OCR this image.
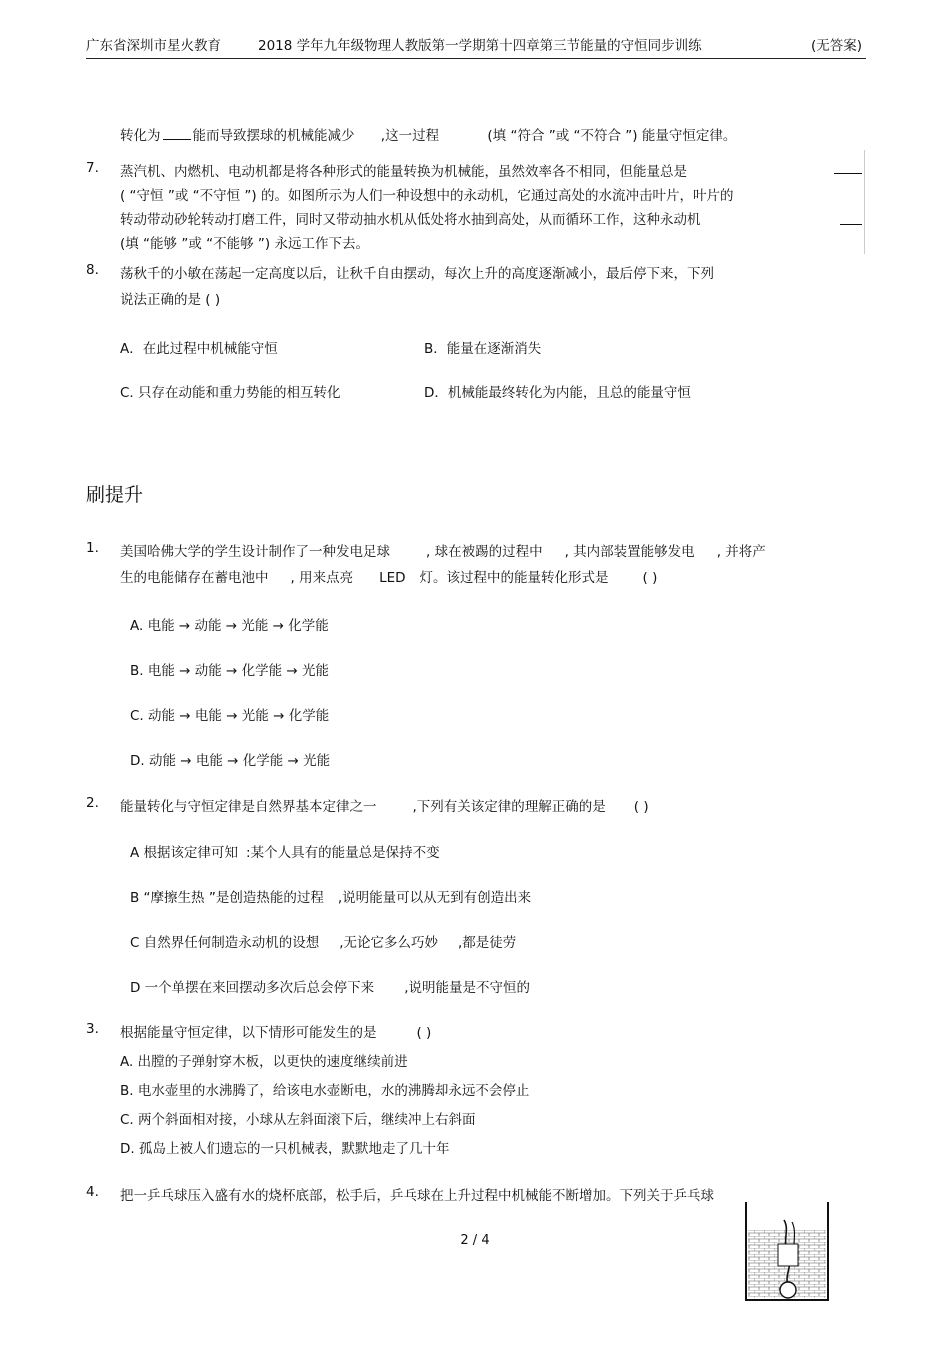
广东省深圳市星火教育	2018 学年九年级物理人教版第一学期第十四章第三节能量的守恒同步训练	(无答案)
转化为 能而导致摆球的机械能减少 ,这一过程	(填 “符合 ”或 “不符合 ”) 能量守恒定律。
7. 蒸汽机、内燃机、电动机都是将各种形式的能量转换为机械能，虽然效率各不相同，但能量总是
( “守恒 ”或 “不守恒 ”) 的。如图所示为人们一种设想中的永动机，它通过高处的水流冲击叶片，叶片的
转动带动砂轮转动打磨工件，同时又带动抽水机从低处将水抽到高处，从而循环工作，这种永动机
(填 “能够 ”或 “不能够 ”) 永远工作下去。
8. 荡秋千的小敏在荡起一定高度以后，让秋千自由摆动，每次上升的高度逐渐减小，最后停下来，下列
说法正确的是 ( )
A．在此过程中机械能守恒	B．能量在逐渐消失
C. 只存在动能和重力势能的相互转化	D．机械能最终转化为内能，且总的能量守恒
刷提升
1. 美国哈佛大学的学生设计制作了一种发电足球	, 球在被踢的过程中 , 其内部装置能够发电 , 并将产
生的电能储存在蓄电池中 , 用来点亮 LED 灯。该过程中的能量转化形式是	( )
A. 电能 → 动能 → 光能 → 化学能
B. 电能 → 动能 → 化学能 → 光能
C. 动能 → 电能 → 光能 → 化学能
D. 动能 → 电能 → 化学能 → 光能
2. 能量转化与守恒定律是自然界基本定律之一	,下列有关该定律的理解正确的是 ( )
A 根据该定律可知 :某个人具有的能量总是保持不变
B “摩擦生热 ”是创造热能的过程 ,说明能量可以从无到有创造出来
C 自然界任何制造永动机的设想 ,无论它多么巧妙 ,都是徒劳
D 一个单摆在来回摆动多次后总会停下来 ,说明能量是不守恒的
3. 根据能量守恒定律，以下情形可能发生的是	( )
A. 出膛的子弹射穿木板，以更快的速度继续前进
B. 电水壶里的水沸腾了，给该电水壶断电，水的沸腾却永远不会停止
C. 两个斜面相对接，小球从左斜面滚下后，继续冲上右斜面
D. 孤岛上被人们遗忘的一只机械表，默默地走了几十年
4. 把一乒乓球压入盛有水的烧杯底部，松手后，乒乓球在上升过程中机械能不断增加。下列关于乒乓球
2 / 4
